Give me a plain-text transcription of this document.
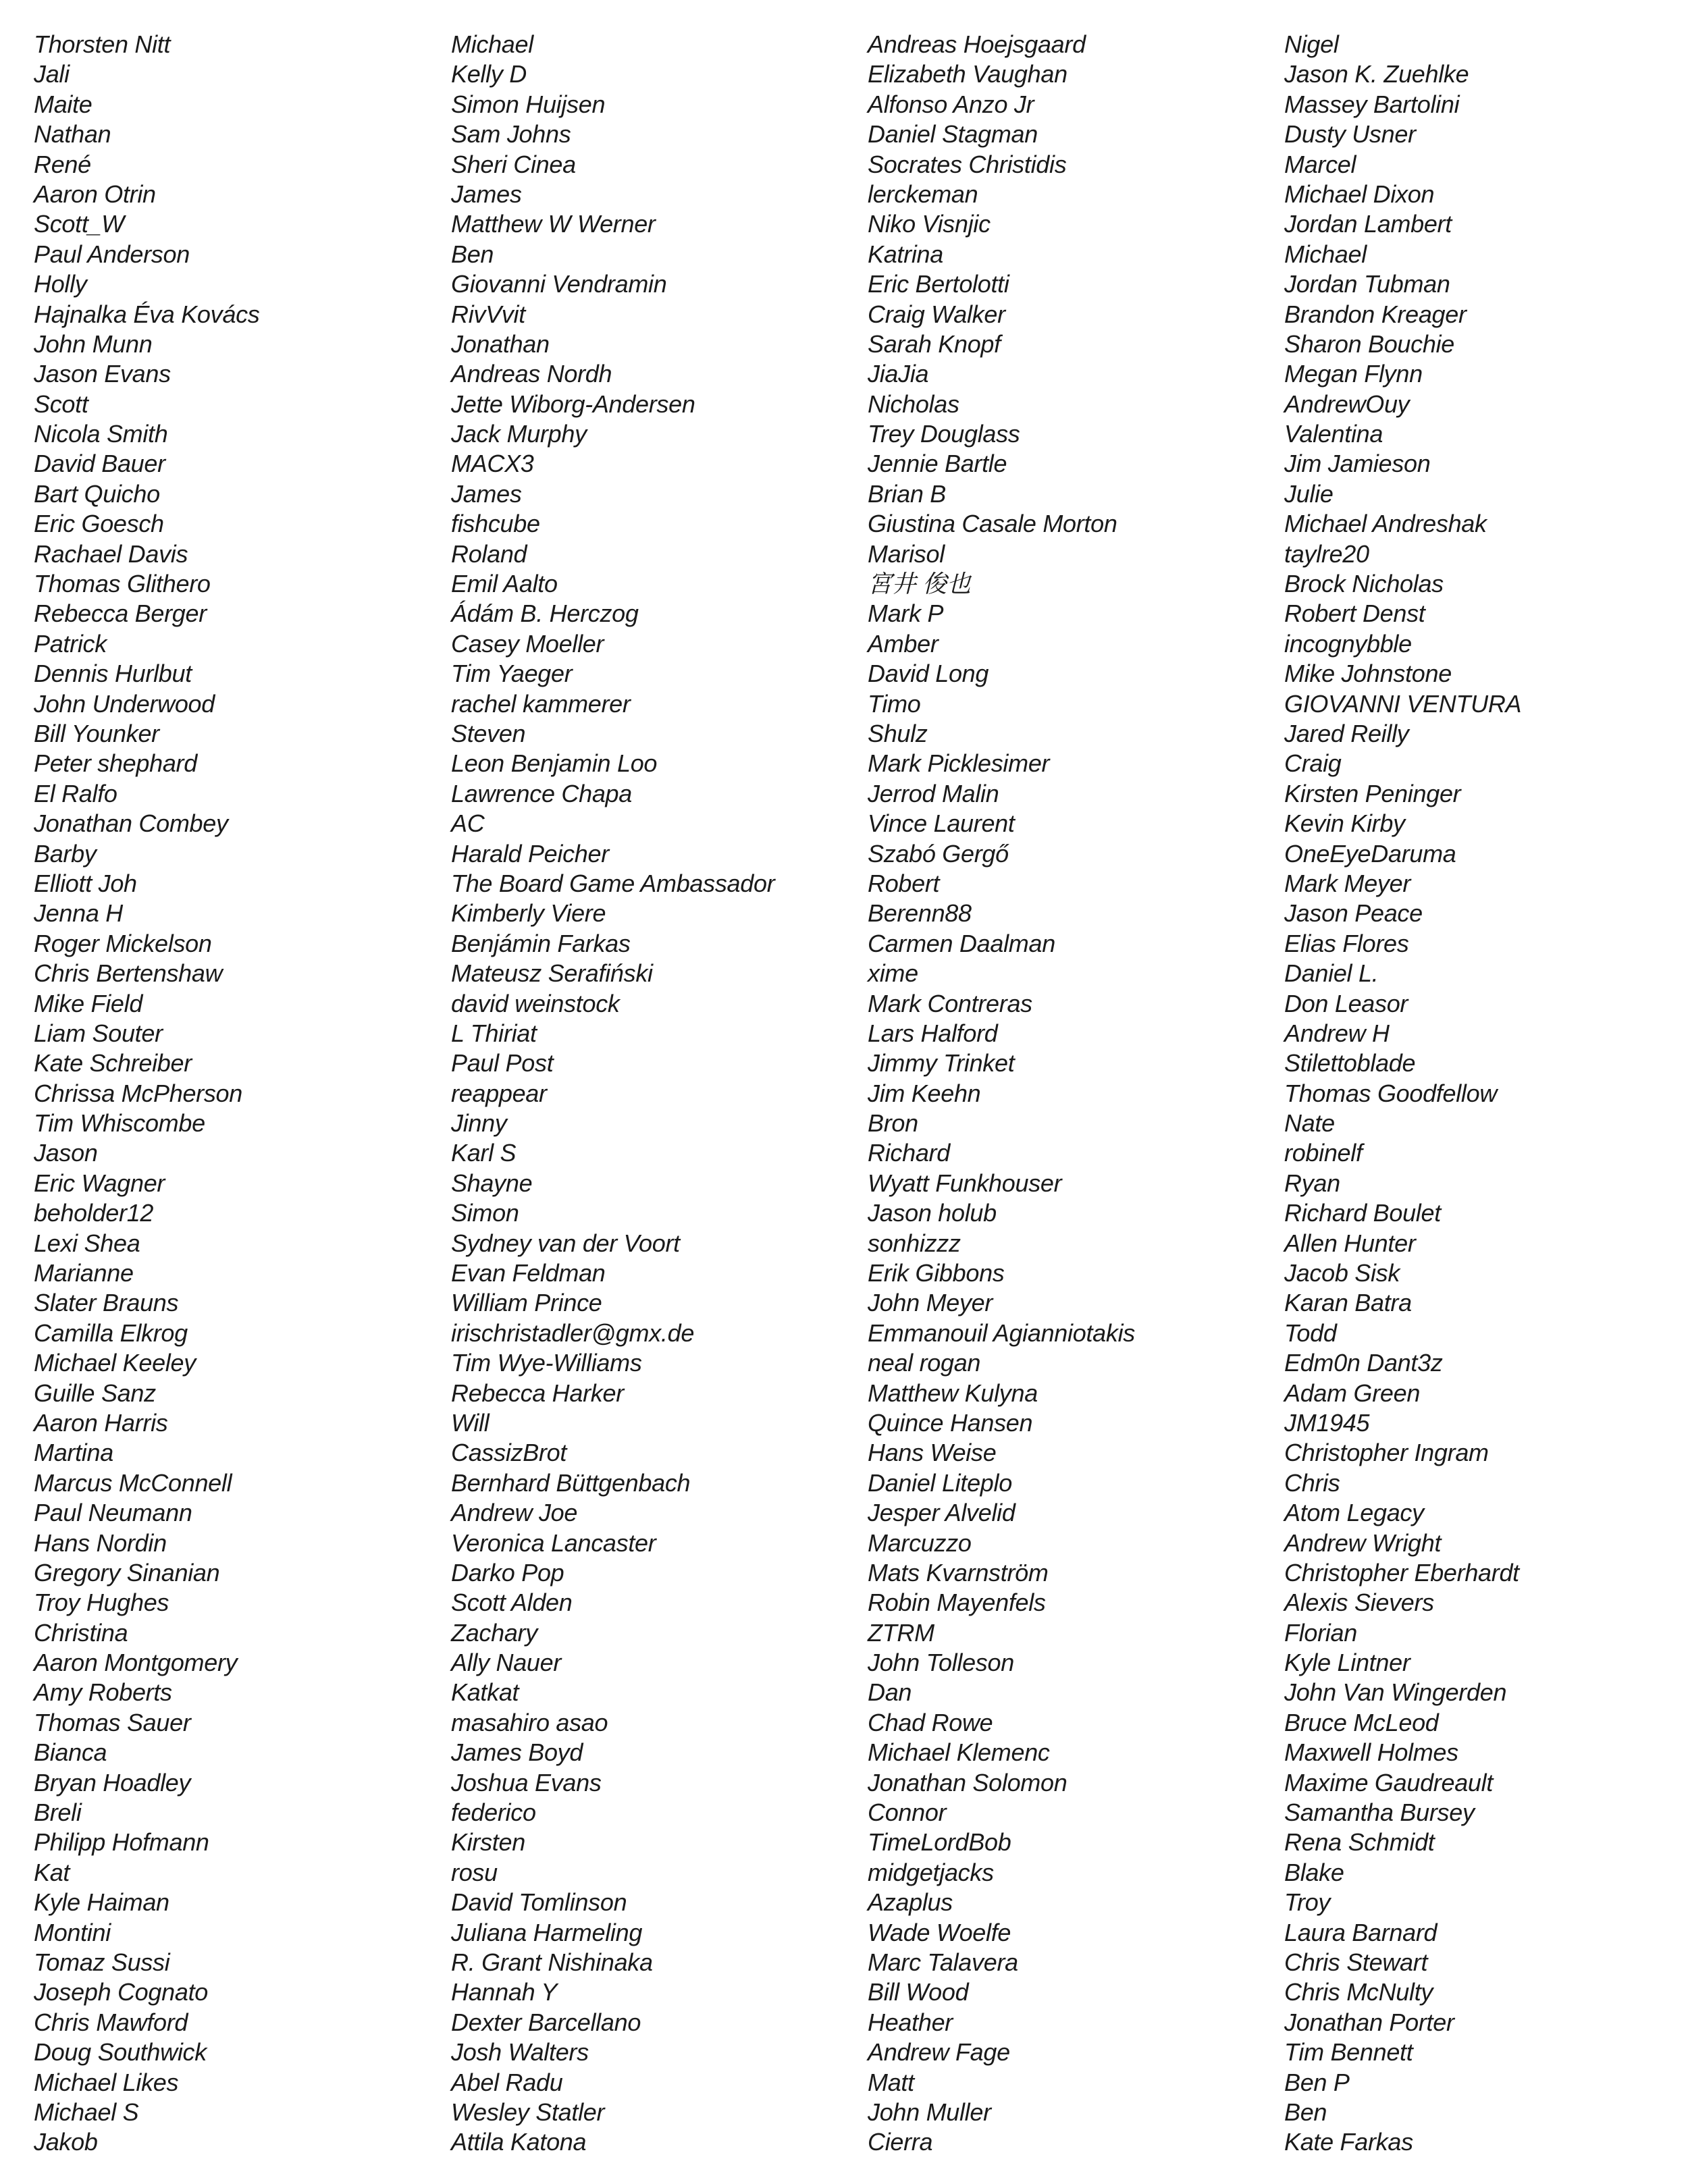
Thorsten Nitt
Jali
Maite
Nathan
René
Aaron Otrin
Scott_W
Paul Anderson
Holly
Hajnalka Éva Kovács
John Munn
Jason Evans
Scott
Nicola Smith
David Bauer
Bart Quicho
Eric Goesch
Rachael Davis
Thomas Glithero
Rebecca Berger
Patrick
Dennis Hurlbut
John Underwood
Bill Younker
Peter shephard
El Ralfo
Jonathan Combey
Barby
Elliott Joh
Jenna H
Roger Mickelson
Chris Bertenshaw
Mike Field
Liam Souter
Kate Schreiber
Chrissa McPherson
Tim Whiscombe
Jason
Eric Wagner
beholder12
Lexi Shea
Marianne
Slater Brauns
Camilla Elkrog
Michael Keeley
Guille Sanz
Aaron Harris
Martina
Marcus McConnell
Paul Neumann
Hans Nordin
Gregory Sinanian
Troy Hughes
Christina
Aaron Montgomery
Amy Roberts
Thomas Sauer
Bianca
Bryan Hoadley
Breli
Philipp Hofmann
Kat
Kyle Haiman
Montini
Tomaz Sussi
Joseph Cognato
Chris Mawford
Doug Southwick
Michael Likes
Michael S
Jakob
Michael
Kelly D
Simon Huijsen
Sam Johns
Sheri Cinea
James
Matthew W Werner
Ben
Giovanni Vendramin
RivVvit
Jonathan
Andreas Nordh
Jette Wiborg-Andersen
Jack Murphy
MACX3
James
fishcube
Roland
Emil Aalto
Ádám B. Herczog
Casey Moeller
Tim Yaeger
rachel kammerer
Steven
Leon Benjamin Loo
Lawrence Chapa
AC
Harald Peicher
The Board Game Ambassador
Kimberly Viere
Benjámin Farkas
Mateusz Serafiński
david weinstock
L Thiriat
Paul Post
reappear
Jinny
Karl S
Shayne
Simon
Sydney van der Voort
Evan Feldman
William Prince
irischristadler@gmx.de
Tim Wye-Williams
Rebecca Harker
Will
CassizBrot
Bernhard Büttgenbach
Andrew Joe
Veronica Lancaster
Darko Pop
Scott Alden
Zachary
Ally Nauer
Katkat
masahiro asao
James Boyd
Joshua Evans
federico
Kirsten
rosu
David Tomlinson
Juliana Harmeling
R. Grant Nishinaka
Hannah Y
Dexter Barcellano
Josh Walters
Abel Radu
Wesley Statler
Attila Katona
Andreas Hoejsgaard
Elizabeth Vaughan
Alfonso Anzo Jr
Daniel Stagman
Socrates Christidis
lerckeman
Niko Visnjic
Katrina
Eric Bertolotti
Craig Walker
Sarah Knopf
JiaJia
Nicholas
Trey Douglass
Jennie Bartle
Brian B
Giustina Casale Morton
Marisol
宮井 俊也
Mark P
Amber
David Long
Timo
Shulz
Mark Picklesimer
Jerrod Malin
Vince Laurent
Szabó Gergő
Robert
Berenn88
Carmen Daalman
xime
Mark Contreras
Lars Halford
Jimmy Trinket
Jim Keehn
Bron
Richard
Wyatt Funkhouser
Jason holub
sonhizzz
Erik Gibbons
John Meyer
Emmanouil Agianniotakis
neal rogan
Matthew Kulyna
Quince Hansen
Hans Weise
Daniel Liteplo
Jesper Alvelid
Marcuzzo
Mats Kvarnström
Robin Mayenfels
ZTRM
John Tolleson
Dan
Chad Rowe
Michael Klemenc
Jonathan Solomon
Connor
TimeLordBob
midgetjacks
Azaplus
Wade Woelfe
Marc Talavera
Bill Wood
Heather
Andrew Fage
Matt
John Muller
Cierra
Nigel
Jason K. Zuehlke
Massey Bartolini
Dusty Usner
Marcel
Michael Dixon
Jordan Lambert
Michael
Jordan Tubman
Brandon Kreager
Sharon Bouchie
Megan Flynn
AndrewOuy
Valentina
Jim Jamieson
Julie
Michael Andreshak
taylre20
Brock Nicholas
Robert Denst
incognybble
Mike Johnstone
GIOVANNI VENTURA
Jared Reilly
Craig
Kirsten Peninger
Kevin Kirby
OneEyeDaruma
Mark Meyer
Jason Peace
Elias Flores
Daniel L.
Don Leasor
Andrew H
Stilettoblade
Thomas Goodfellow
Nate
robinelf
Ryan
Richard Boulet
Allen Hunter
Jacob Sisk
Karan Batra
Todd
Edm0n Dant3z
Adam Green
JM1945
Christopher Ingram
Chris
Atom Legacy
Andrew Wright
Christopher Eberhardt
Alexis Sievers
Florian
Kyle Lintner
John Van Wingerden
Bruce McLeod
Maxwell Holmes
Maxime Gaudreault
Samantha Bursey
Rena Schmidt
Blake
Troy
Laura Barnard
Chris Stewart
Chris McNulty
Jonathan Porter
Tim Bennett
Ben P
Ben
Kate Farkas
